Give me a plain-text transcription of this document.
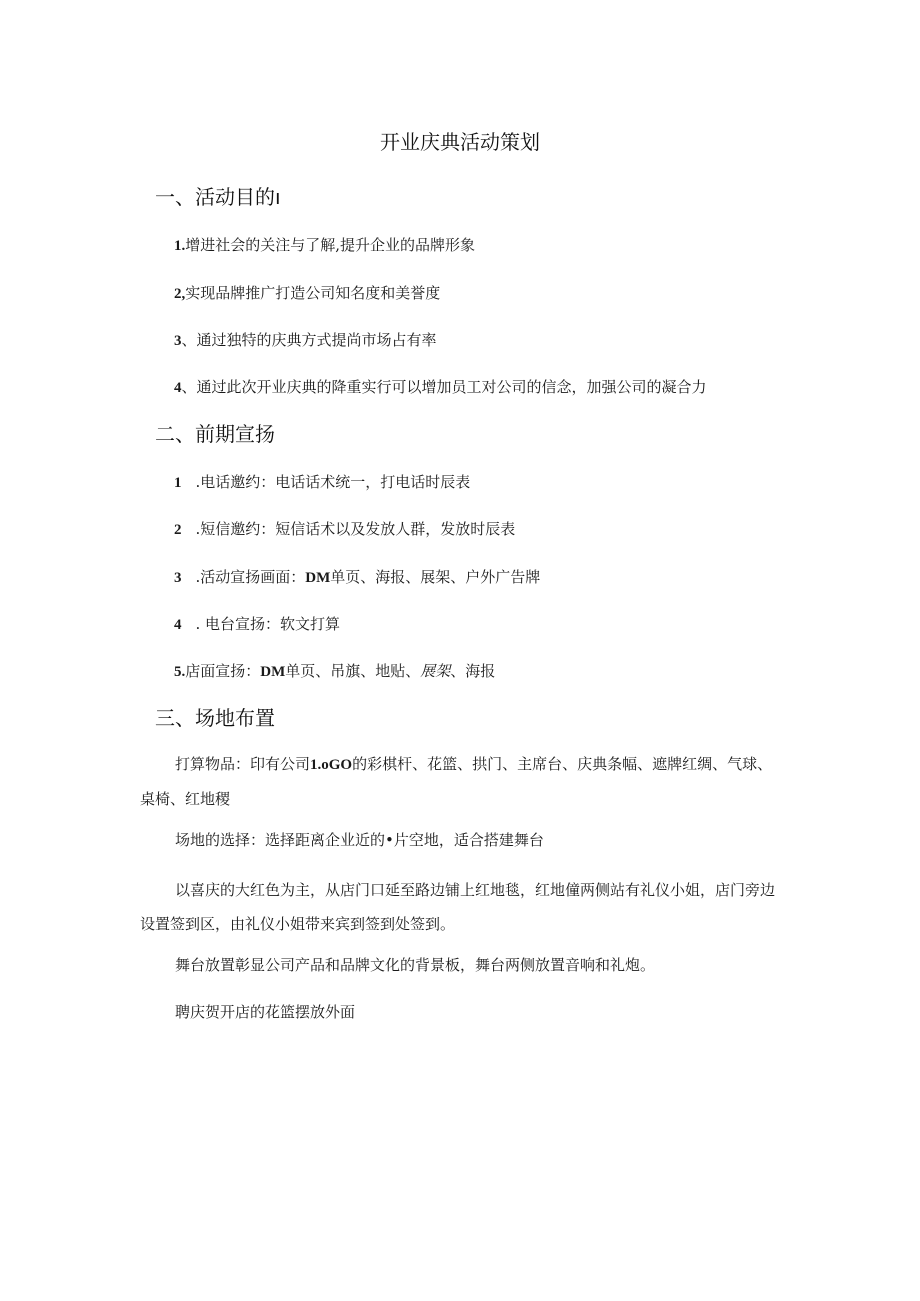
开业庆典活动策划
一、活动目的ı
1.增进社会的关注与了解,提升企业的品牌形象
2,实现品牌推广打造公司知名度和美誉度
3、通过独特的庆典方式提尚市场占有率
4、通过此次开业庆典的降重实行可以增加员工对公司的信念，加强公司的凝合力
二、前期宣扬
1 .电话邀约：电话话术统一，打电话时辰表
2 .短信邀约：短信话术以及发放人群，发放时辰表
3 .活动宣扬画面：DM单页、海报、展架、户外广告牌
4 . 电台宣扬：软文打算
5.店面宣扬：DM单页、吊旗、地贴、展架、海报
三、场地布置
打算物品：印有公司1.oGO的彩棋杆、花篮、拱门、主席台、庆典条幅、遮牌红绸、气球、桌椅、红地稷
场地的选择：选择距离企业近的•片空地，适合搭建舞台
以喜庆的大红色为主，从店门口延至路边铺上红地毯，红地僮两侧站有礼仪小姐，店门旁边设置签到区，由礼仪小姐带来宾到签到处签到。
舞台放置彰显公司产品和品牌文化的背景板，舞台两侧放置音响和礼炮。
聘庆贺开店的花篮摆放外面
